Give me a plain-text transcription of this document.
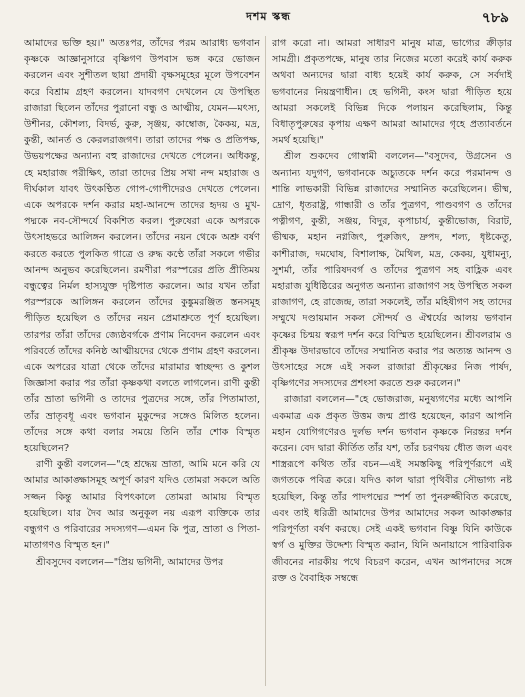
দশম স্কন্ধ	৭৮৯

আমাদের ভক্তি হয়।" অতঃপর, তাঁদের পরম আরাধ্য ভগবান কৃষ্ণকে আজ্ঞানুসারে বৃষ্ণিগণ উপবাস ভঙ্গ করে ভোজন করলেন এবং সুশীতল ছায়া প্রদায়ী বৃক্ষসমূহের মূলে উপবেশন করে বিশ্রাম গ্রহণ করলেন। যাদবগণ দেখলেন যে উপস্থিত রাজারা ছিলেন তাঁদের পুরানো বন্ধু ও আত্মীয়, যেমন—মৎস্য, উশীনর, কৌশল্য, বিদর্ভ, কুরু, সৃঞ্জয়, কাম্বোজ, কৈকয়, মদ্র, কুন্তী, আনর্ত ও কেরলরাজগণ। তারা তাদের পক্ষ ও প্রতিপক্ষ, উভয়পক্ষের অন্যান্য বহু রাজাদের দেখতে পেলেন। অধিকন্তু, হে মহারাজ পরীক্ষিৎ, তারা তাদের প্রিয় সখা নন্দ মহারাজ ও দীর্ঘকাল যাবৎ উৎকণ্ঠিত গোপ-গোপীদেরও দেখতে পেলেন। একে অপরকে দর্শন করার মহা-আনন্দে তাদের হৃদয় ও মুখ-পদ্মকে নব-সৌন্দর্যে বিকশিত করল। পুরুষেরা একে অপরকে উৎসাহভরে আলিঙ্গন করলেন। তাঁদের নয়ন থেকে অশ্রু বর্ষণ করতে করতে পুলকিত গাত্রে ও রুদ্ধ কণ্ঠে তাঁরা সকলে গভীর আনন্দ অনুভব করেছিলেন। রমণীরা পরস্পরের প্রতি প্রীতিময় বন্ধুত্বের নির্মল হাস্যযুক্ত দৃষ্টিপাত করলেন। আর যখন তাঁরা পরস্পরকে আলিঙ্গন করলেন তাঁদের কুঙ্কুমরঞ্জিত স্তনসমূহ পীড়িত হয়েছিল ও তাঁদের নয়ন প্রেমাশ্রুতে পূর্ণ হয়েছিল। তারপর তাঁরা তাঁদের জ্যেষ্ঠবর্গকে প্রণাম নিবেদন করলেন এবং পরিবর্তে তাঁদের কনিষ্ঠ আত্মীয়দের থেকে প্রণাম গ্রহণ করলেন। একে অপরের যাত্রা থেকে তাঁদের মারামার স্বাচ্ছন্দ্য ও কুশল জিজ্ঞাসা করার পর তাঁরা কৃষ্ণকথা বলতে লাগলেন। রাণী কুন্তী তাঁর ভ্রাতা ভগিনী ও তাদের পুত্রদের সঙ্গে, তাঁর পিতামাতা, তাঁর ভ্রাতৃবধূ এবং ভগবান মুকুন্দের সঙ্গেও মিলিত হলেন। তাঁদের সঙ্গে কথা বলার সময়ে তিনি তাঁর শোক বিস্মৃত হয়েছিলেন?

রাণী কুন্তী বললেন—"হে শ্রদ্ধেয় ভ্রাতা, আমি মনে করি যে আমার আকাঙ্ক্ষাসমূহ অপূর্ণ কারণ যদিও তোমরা সকলে অতি সজ্জন কিন্তু আমার বিপৎকালে তোমরা আমায় বিস্মৃত হয়েছিলে। যার দৈব আর অনুকূল নয় এরূপ ব্যক্তিকে তার বন্ধুগণ ও পরিবারের সদস্যগণ—এমন কি পুত্র, ভ্রাতা ও পিতা-মাতাগণও বিস্মৃত হন।"

শ্রীবসুদেব বললেন—"প্রিয় ভগিনী, আমাদের উপর

রাগ করো না। আমরা সাধারণ মানুষ মাত্র, ভাগ্যের ক্রীড়ার সামগ্রী। প্রকৃতপক্ষে, মানুষ তার নিজের মতো করেই কার্য করুক অথবা অন্যদের দ্বারা বাধ্য হয়েই কার্য করুক, সে সর্বদাই ভগবানের নিয়ন্ত্রণাধীন। হে ভগিনী, কংস দ্বারা পীড়িত হয়ে আমরা সকলেই বিভিন্ন দিকে পলায়ন করেছিলাম, কিন্তু বিধাতৃপুরুষের কৃপায় এক্ষণ আমরা আমাদের গৃহে প্রত্যাবর্তনে সমর্থ হয়েছি।"

শ্রীল শুকদেব গোস্বামী বললেন—"বসুদেব, উগ্রসেন ও অন্যান্য যদুগণ, ভগবানকে অচ্যুতকে দর্শন করে পরমানন্দ ও শান্তি লাভকারী বিভিন্ন রাজাদের সম্মানিত করেছিলেন। ভীষ্ম, দ্রোণ, ধৃতরাষ্ট্র, গান্ধারী ও তাঁর পুত্রগণ, পাণ্ডবগণ ও তাঁদের পত্নীগণ, কুন্তী, সঞ্জয়, বিদুর, কৃপাচার্য, কুন্তীভোজ, বিরাট, ভীষ্মক, মহান নগ্নজিৎ, পুরুজিৎ, দ্রুপদ, শল্য, ধৃষ্টকেতু, কাশীরাজ, দমঘোষ, বিশালাক্ষ, মৈথিল, মদ্র, কেকয়, যুধামন্যু, সুশর্মা, তাঁর পারিষদবর্গ ও তাঁদের পুত্রগণ সহ বাহ্লিক এবং মহারাজ যুধিষ্ঠিরের অনুগত অন্যান্য রাজাগণ সহ উপস্থিত সকল রাজাগণ, হে রাজেন্দ্র, তারা সকলেই, তাঁর মহিষীগণ সহ তাদের সম্মুখে দণ্ডায়মান সকল সৌন্দর্য ও ঐশ্বর্যের আলয় ভগবান কৃষ্ণের চিন্ময় স্বরূপ দর্শন করে বিস্মিত হয়েছিলেন। শ্রীবলরাম ও শ্রীকৃষ্ণ উদারভাবে তাঁদের সম্মানিত করার পর অত্যন্ত আনন্দ ও উৎসাহের সঙ্গে এই সকল রাজারা শ্রীকৃষ্ণের নিজ পার্ষদ, বৃষ্ণিগণের সদস্যদের প্রশংসা করতে শুরু করলেন।"

রাজারা বললেন—"হে ভোজরাজ, মনুষ্যগণের মধ্যে আপনি একমাত্র এক প্রকৃত উত্তম জন্ম প্রাপ্ত হয়েছেন, কারণ আপনি মহান যোগিগণেরও দুর্লভ দর্শন ভগবান কৃষ্ণকে নিরন্তর দর্শন করেন। বেদ দ্বারা কীর্তিত তাঁর যশ, তাঁর চরণদ্বয় ধৌত জল এবং শাস্ত্ররূপে কথিত তাঁর বচন—এই সমস্তকিছু পরিপূর্ণরূপে এই জগতকে পবিত্র করে। যদিও কাল দ্বারা পৃথিবীর সৌভাগ্য নষ্ট হয়েছিল, কিন্তু তাঁর পাদপদ্মের স্পর্শ তা পুনরুজ্জীবিত করেছে, এবং তাই ধরিত্রী আমাদের উপর আমাদের সকল আকাঙ্ক্ষার পরিপূর্ণতা বর্ষণ করছে। সেই একই ভগবান বিষ্ণু যিনি কাউকে স্বর্গ ও মুক্তির উদ্দেশ্য বিস্মৃত করান, যিনি অনায়াসে পারিবারিক জীবনের নারকীয় পথে বিচরণ করেন, এখন আপনাদের সঙ্গে রক্ত ও বৈবাহিক সম্বন্ধে
